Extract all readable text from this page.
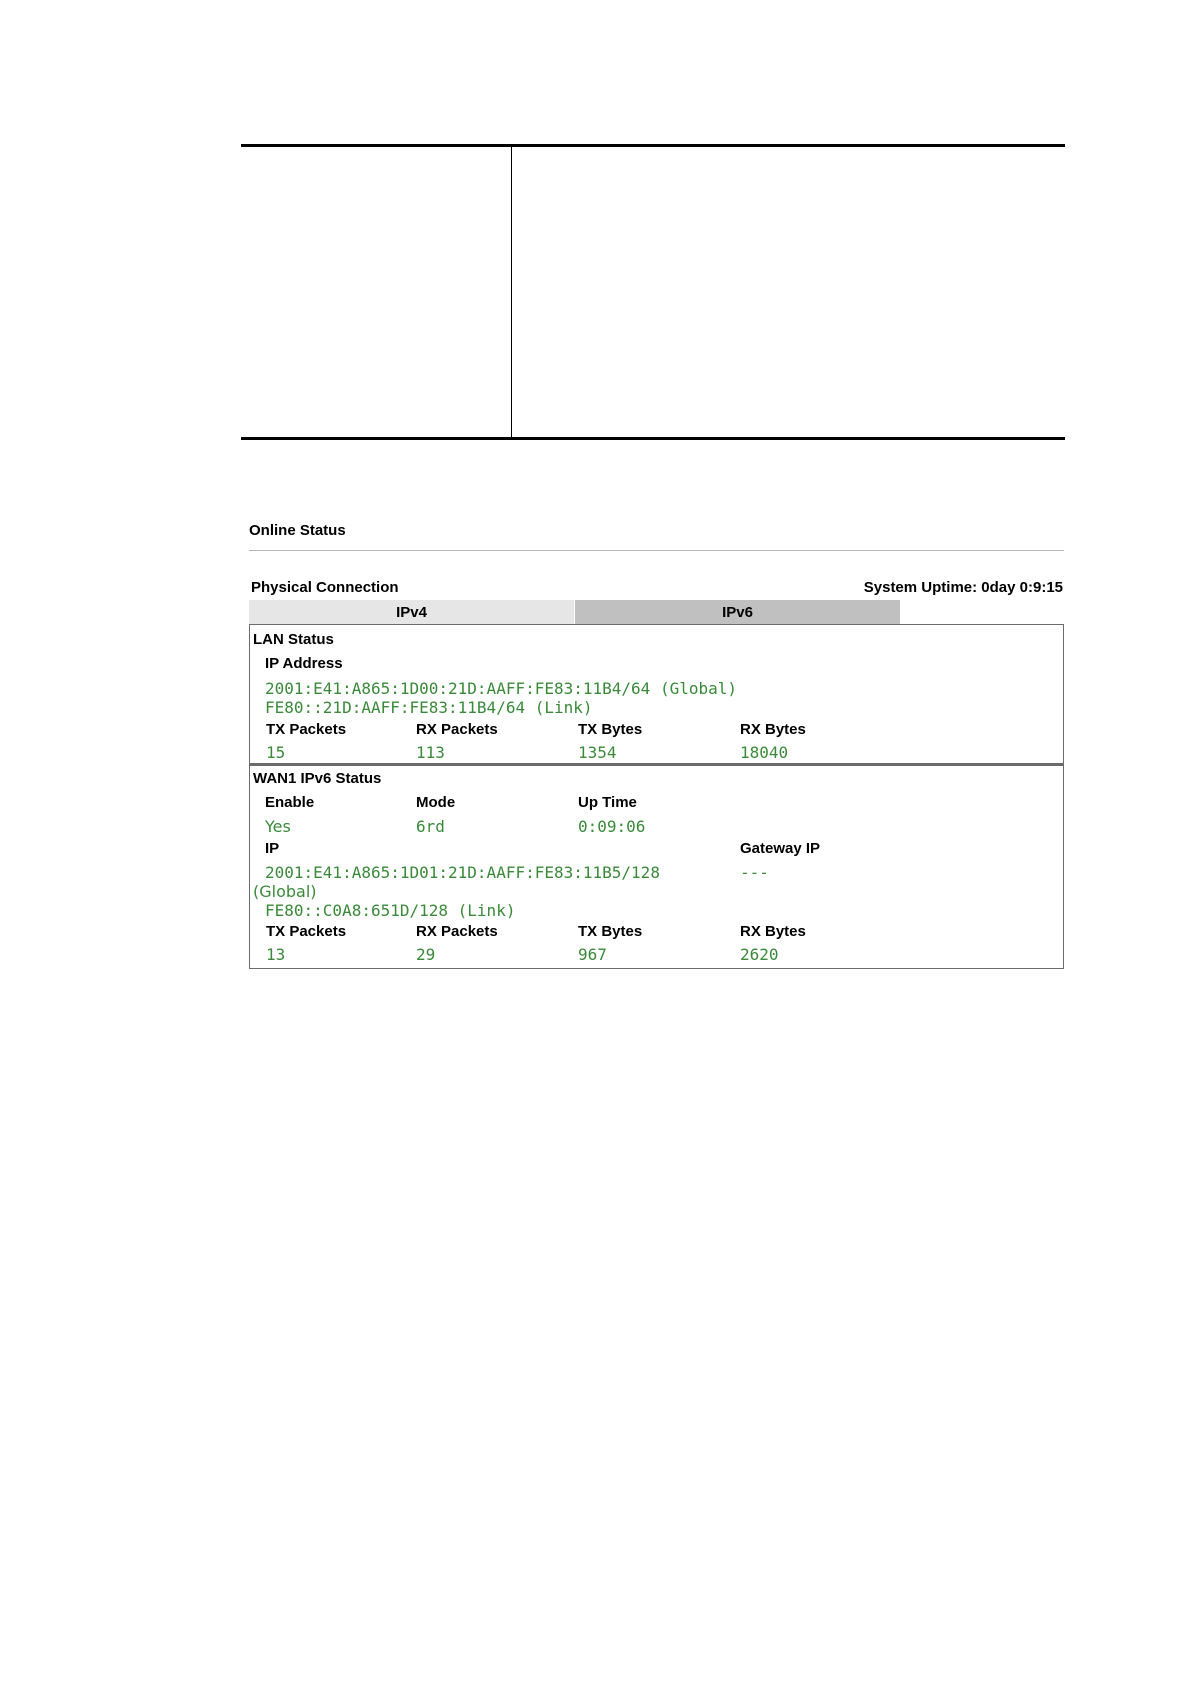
Online Status
Physical Connection	System Uptime: 0day 0:9:15
IPv4	IPv6
LAN Status
IP Address
2001:E41:A865:1D00:21D:AAFF:FE83:11B4/64 (Global)
FE80::21D:AAFF:FE83:11B4/64 (Link)
TX Packets	RX Packets	TX Bytes	RX Bytes
15	113	1354	18040
WAN1 IPv6 Status
Enable	Mode	Up Time
Yes	6rd	0:09:06
IP	Gateway IP
2001:E41:A865:1D01:21D:AAFF:FE83:11B5/128	---
(Global)
FE80::C0A8:651D/128 (Link)
TX Packets	RX Packets	TX Bytes	RX Bytes
13	29	967	2620
